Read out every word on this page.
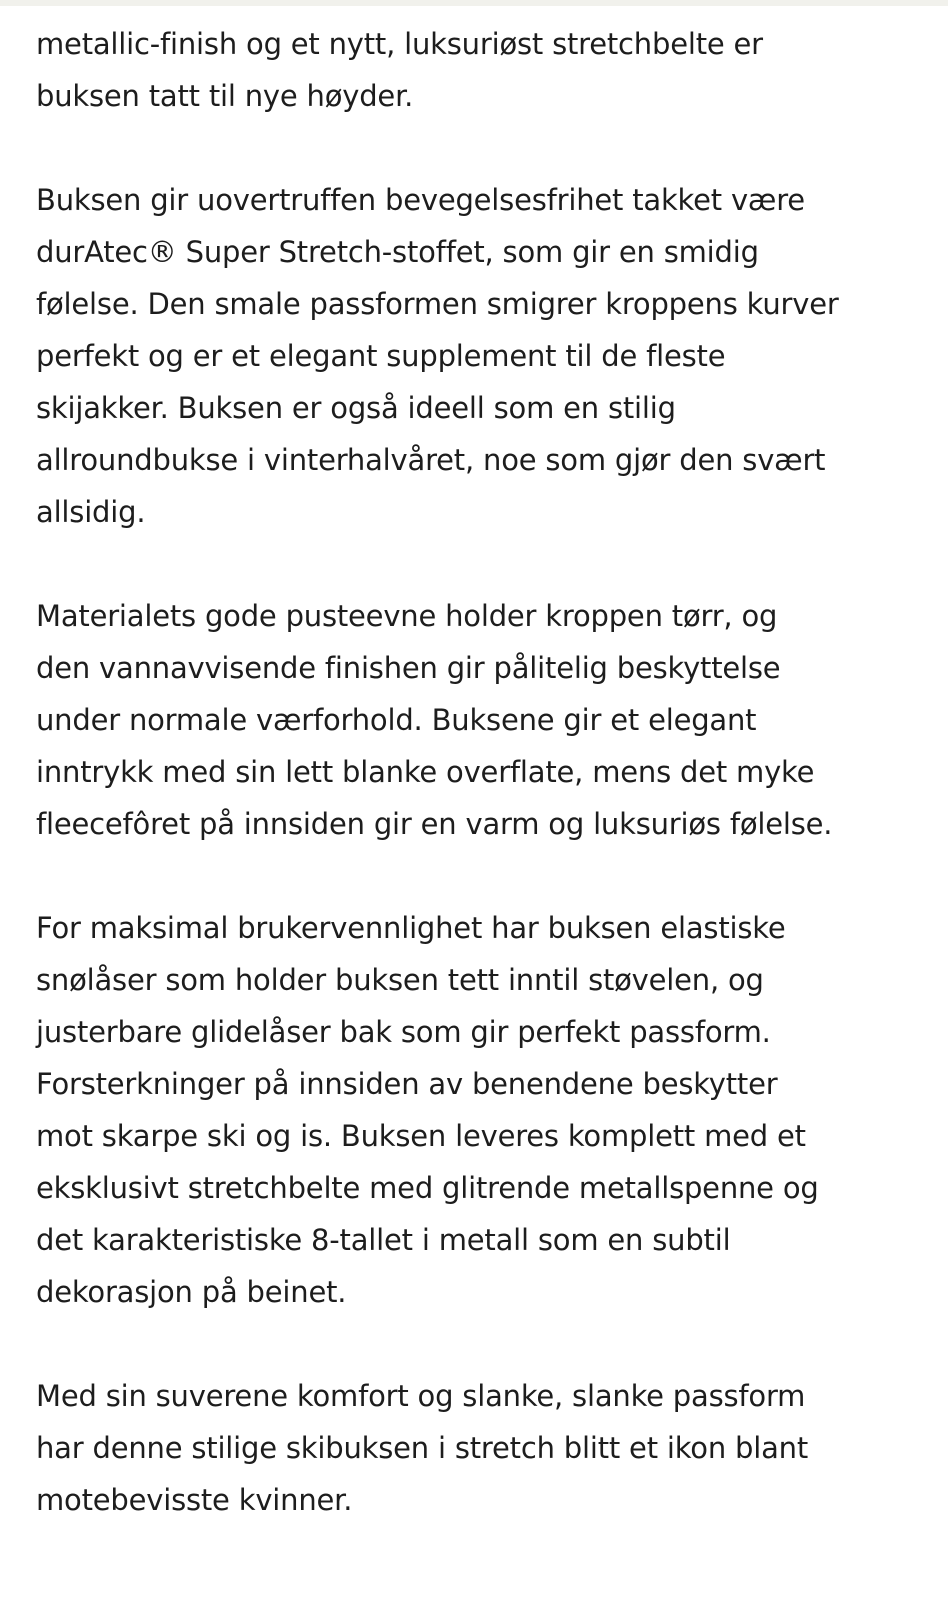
metallic-finish og et nytt, luksuriøst stretchbelte er
buksen tatt til nye høyder.

Buksen gir uovertruffen bevegelsesfrihet takket være
durAtec® Super Stretch-stoffet, som gir en smidig
følelse. Den smale passformen smigrer kroppens kurver
perfekt og er et elegant supplement til de fleste
skijakker. Buksen er også ideell som en stilig
allroundbukse i vinterhalvåret, noe som gjør den svært
allsidig.

Materialets gode pusteevne holder kroppen tørr, og
den vannavvisende finishen gir pålitelig beskyttelse
under normale værforhold. Buksene gir et elegant
inntrykk med sin lett blanke overflate, mens det myke
fleecefôret på innsiden gir en varm og luksuriøs følelse.

For maksimal brukervennlighet har buksen elastiske
snølåser som holder buksen tett inntil støvelen, og
justerbare glidelåser bak som gir perfekt passform.
Forsterkninger på innsiden av benendene beskytter
mot skarpe ski og is. Buksen leveres komplett med et
eksklusivt stretchbelte med glitrende metallspenne og
det karakteristiske 8-tallet i metall som en subtil
dekorasjon på beinet.

Med sin suverene komfort og slanke, slanke passform
har denne stilige skibuksen i stretch blitt et ikon blant
motebevisste kvinner.
